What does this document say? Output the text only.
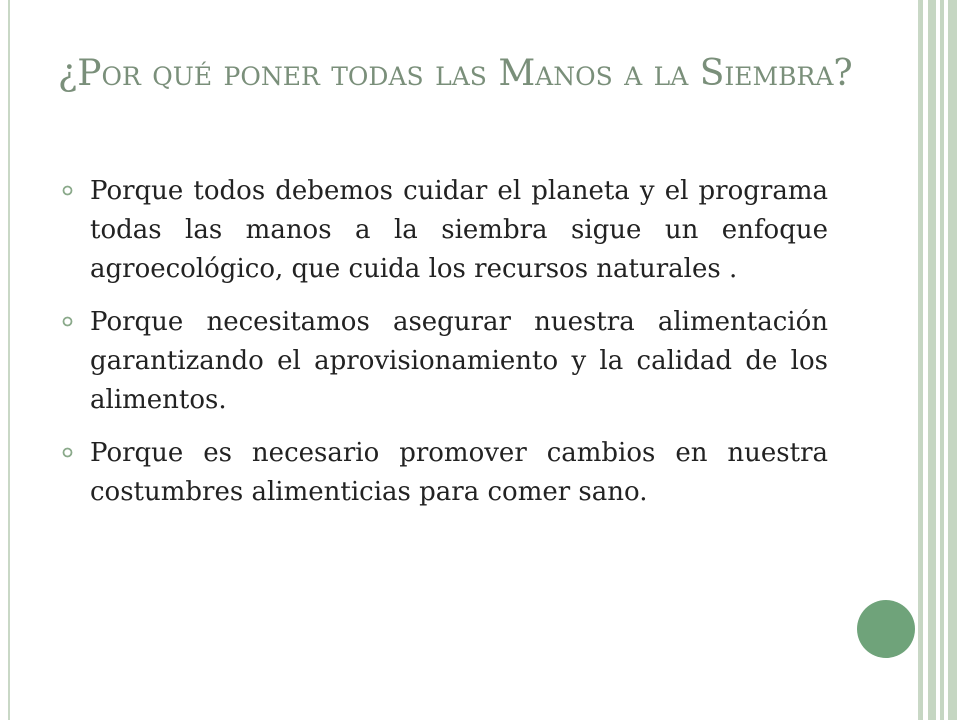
¿Por qué poner todas las Manos a la Siembra?
Porque todos debemos cuidar el planeta y el programa todas las manos a la siembra sigue un enfoque agroecológico, que cuida los recursos naturales .
Porque necesitamos asegurar nuestra alimentación garantizando el aprovisionamiento y la calidad de los alimentos.
Porque es necesario promover cambios en nuestra costumbres alimenticias para comer sano.
